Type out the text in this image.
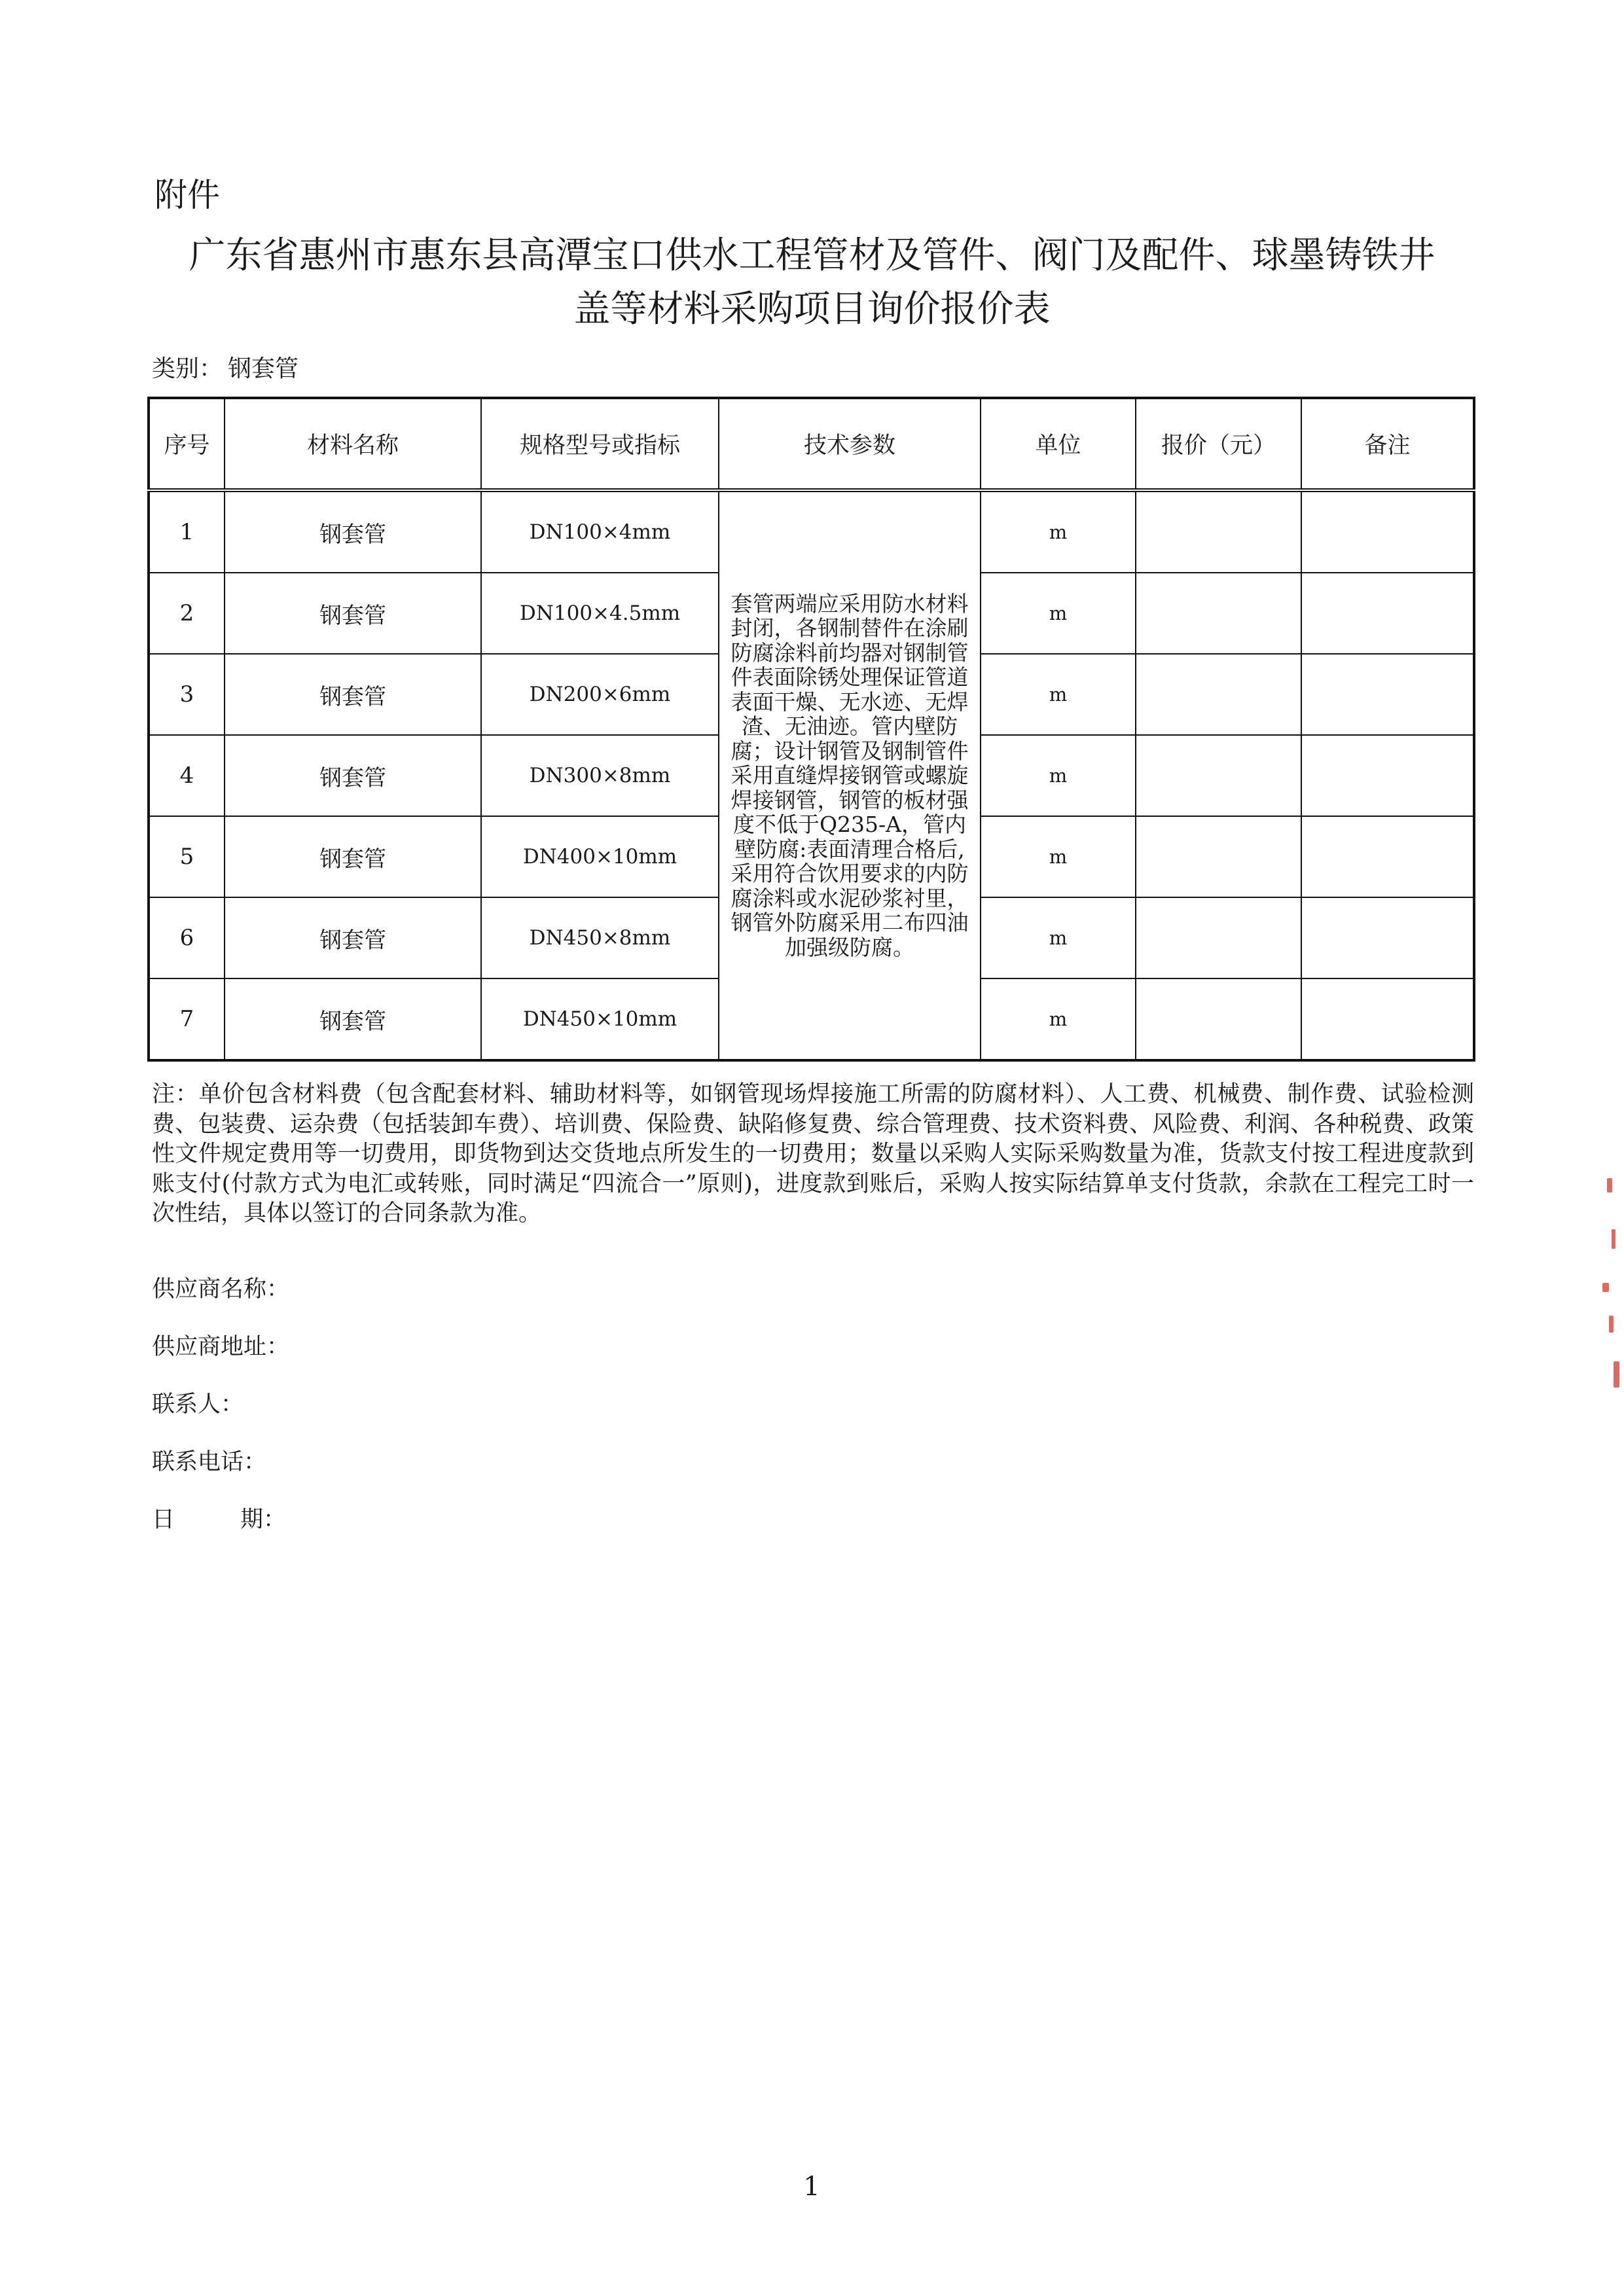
附件
广东省惠州市惠东县高潭宝口供水工程管材及管件、阀门及配件、球墨铸铁井
盖等材料采购项目询价报价表
类别： 钢套管
序号	材料名称	规格型号或指标	技术参数	单位	报价（元）	备注
1	钢套管	DN100×4mm	套管两端应采用防水材料封闭，各钢制替件在涂刷防腐涂料前均器对钢制管件表面除锈处理保证管道表面干燥、无水迹、无焊渣、无油迹。管内壁防腐；设计钢管及钢制管件采用直缝焊接钢管或螺旋焊接钢管，钢管的板材强度不低于Q235-A，管内壁防腐:表面清理合格后,采用符合饮用要求的内防腐涂料或水泥砂浆衬里，钢管外防腐采用二布四油加强级防腐。	m		
2	钢套管	DN100×4.5mm		m		
3	钢套管	DN200×6mm		m		
4	钢套管	DN300×8mm		m		
5	钢套管	DN400×10mm		m		
6	钢套管	DN450×8mm		m		
7	钢套管	DN450×10mm		m		
注：单价包含材料费（包含配套材料、辅助材料等，如钢管现场焊接施工所需的防腐材料）、人工费、机械费、制作费、试验检测费、包装费、运杂费（包括装卸车费）、培训费、保险费、缺陷修复费、综合管理费、技术资料费、风险费、利润、各种税费、政策性文件规定费用等一切费用，即货物到达交货地点所发生的一切费用；数量以采购人实际采购数量为准，货款支付按工程进度款到账支付(付款方式为电汇或转账，同时满足“四流合一”原则)，进度款到账后，采购人按实际结算单支付货款，余款在工程完工时一次性结，具体以签订的合同条款为准。
供应商名称：
供应商地址：
联系人：
联系电话：
日	期：
1
